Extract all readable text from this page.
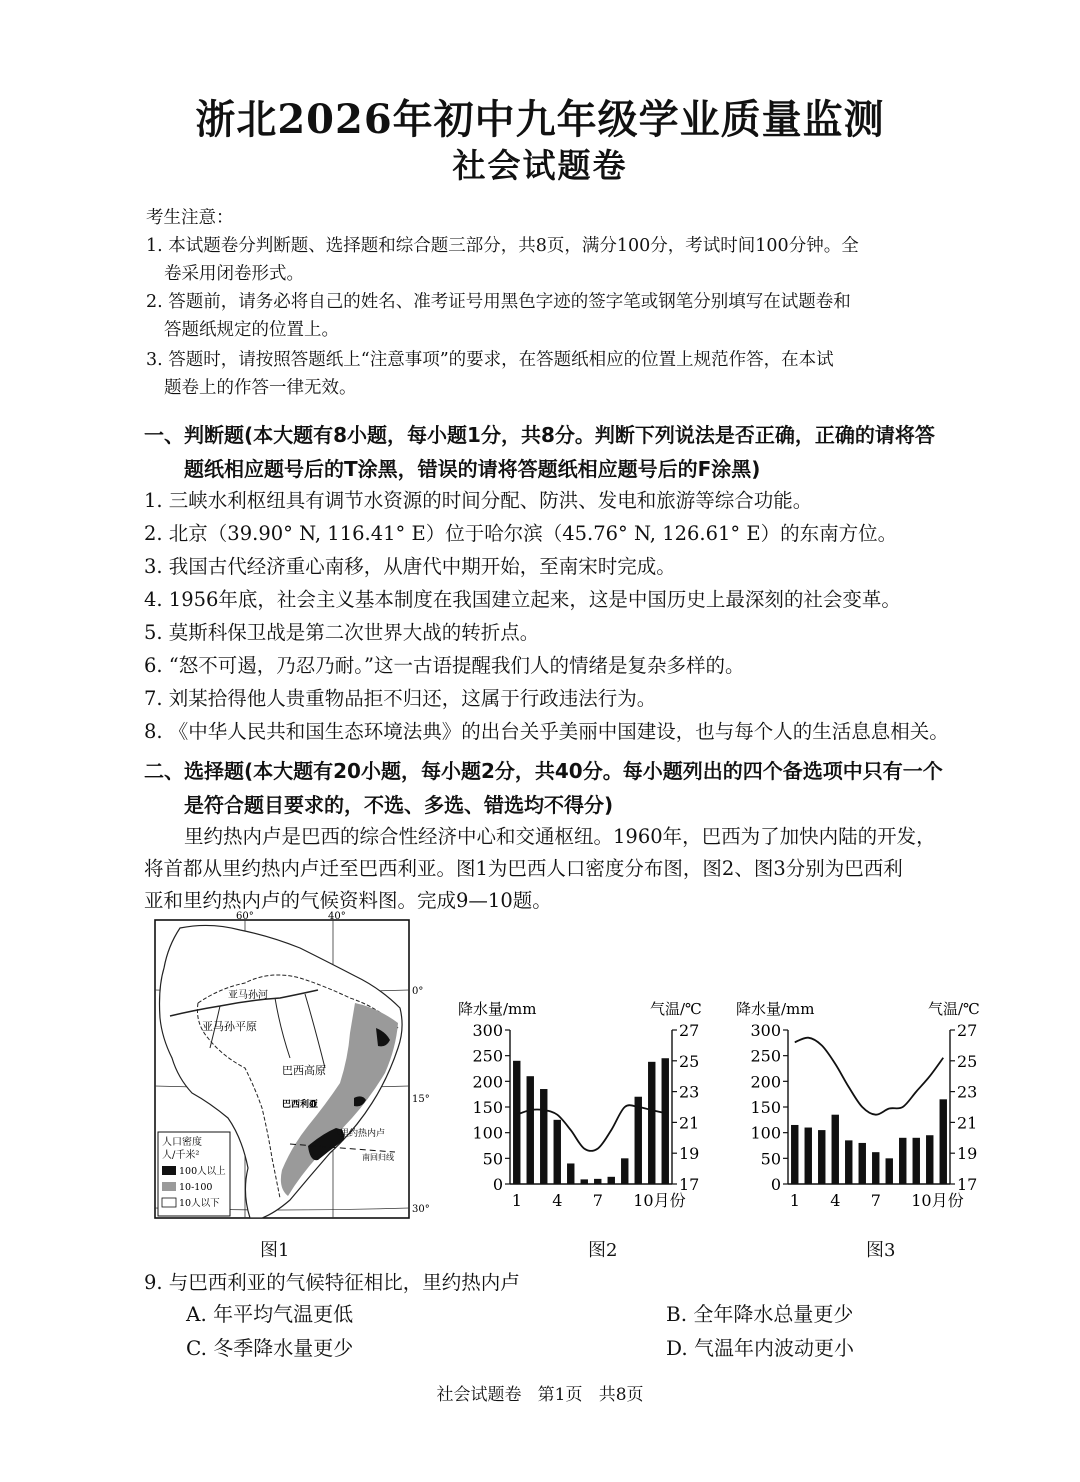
浙北2026年初中九年级学业质量监测
社会试题卷
考生注意：
1. 本试题卷分判断题、选择题和综合题三部分，共8页，满分100分，考试时间100分钟。全
卷采用闭卷形式。
2. 答题前，请务必将自己的姓名、准考证号用黑色字迹的签字笔或钢笔分别填写在试题卷和
答题纸规定的位置上。
3. 答题时，请按照答题纸上“注意事项”的要求，在答题纸相应的位置上规范作答，在本试
题卷上的作答一律无效。
一、判断题(本大题有8小题，每小题1分，共8分。判断下列说法是否正确，正确的请将答
题纸相应题号后的T涂黑，错误的请将答题纸相应题号后的F涂黑)
1. 三峡水利枢纽具有调节水资源的时间分配、防洪、发电和旅游等综合功能。
2. 北京（39.90° N, 116.41° E）位于哈尔滨（45.76° N, 126.61° E）的东南方位。
3. 我国古代经济重心南移，从唐代中期开始，至南宋时完成。
4. 1956年底，社会主义基本制度在我国建立起来，这是中国历史上最深刻的社会变革。
5. 莫斯科保卫战是第二次世界大战的转折点。
6. “怒不可遏，乃忍乃耐。”这一古语提醒我们人的情绪是复杂多样的。
7. 刘某拾得他人贵重物品拒不归还，这属于行政违法行为。
8. 《中华人民共和国生态环境法典》的出台关乎美丽中国建设，也与每个人的生活息息相关。
二、选择题(本大题有20小题，每小题2分，共40分。每小题列出的四个备选项中只有一个
是符合题目要求的，不选、多选、错选均不得分)
里约热内卢是巴西的综合性经济中心和交通枢纽。1960年，巴西为了加快内陆的开发，
将首都从里约热内卢迁至巴西利亚。图1为巴西人口密度分布图，图2、图3分别为巴西利
亚和里约热内卢的气候资料图。完成9—10题。
60°	40°
0°
15°
30°
亚马孙河
亚马孙平原
巴西高原
巴西利亚
里约热内卢
南回归线
人口密度
人/千米²
100人以上
10-100
10人以下
降水量/mm	气温/℃
0
50
100
150
200
250
300
17
19
21
23
25
27
1 4 7 10月份
降水量/mm	气温/℃
0
50
100
150
200
250
300
17
19
21
23
25
27
1 4 7 10月份
图1	图2	图3
9. 与巴西利亚的气候特征相比，里约热内卢
A. 年平均气温更低	B. 全年降水总量更少
C. 冬季降水量更少	D. 气温年内波动更小
社会试题卷   第1页   共8页
